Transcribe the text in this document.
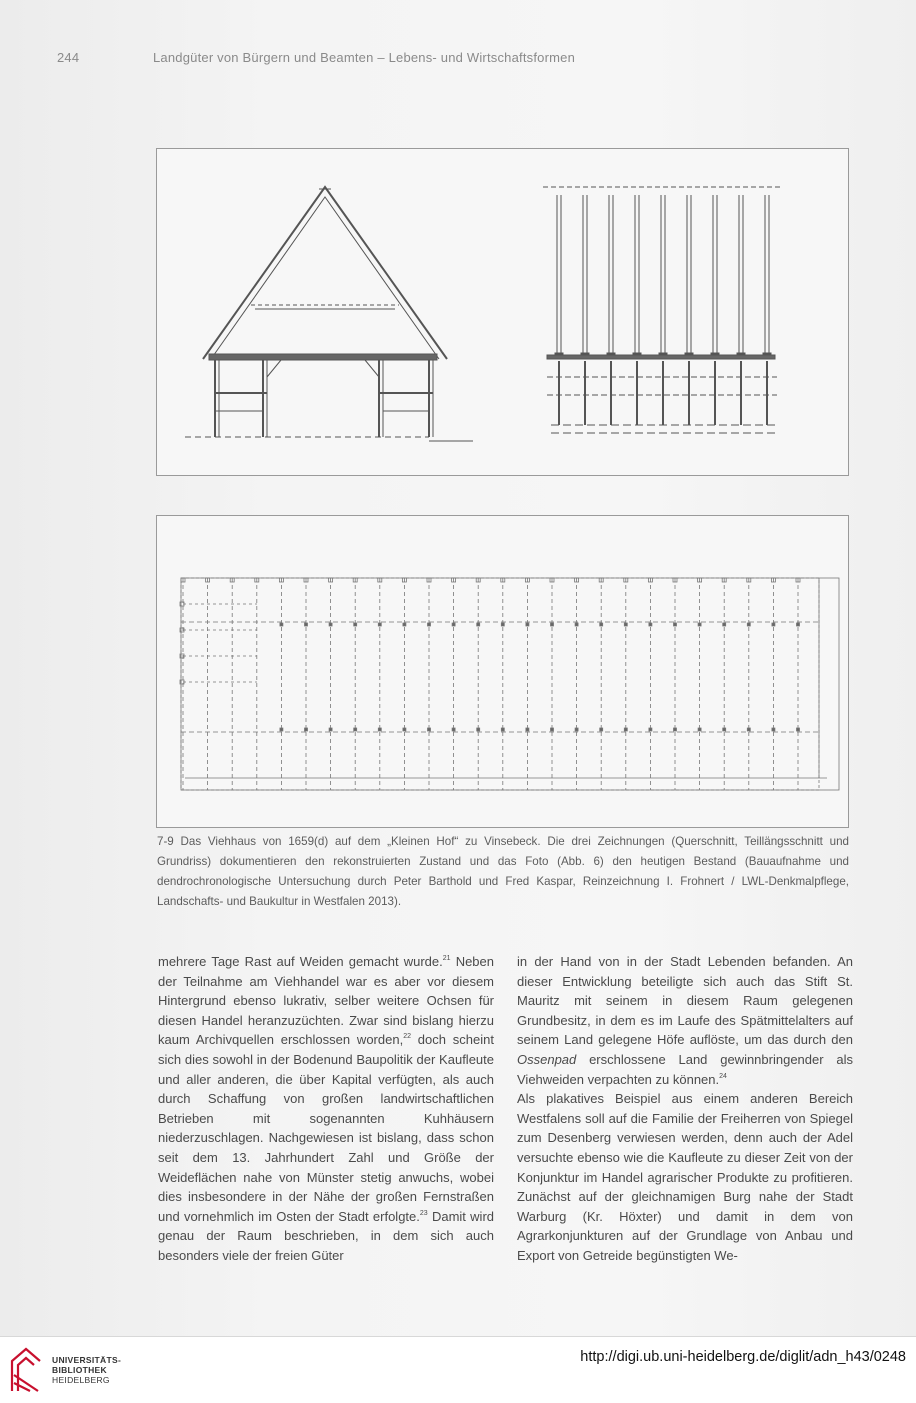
244	Landgüter von Bürgern und Beamten – Lebens- und Wirtschaftsformen
7-9 Das Viehhaus von 1659(d) auf dem „Kleinen Hof“ zu Vinsebeck. Die drei Zeichnungen (Querschnitt, Teillängsschnitt und Grundriss) dokumentieren den rekonstruierten Zustand und das Foto (Abb. 6) den heutigen Bestand (Bauaufnahme und dendrochronologische Untersuchung durch Peter Barthold und Fred Kaspar, Reinzeichnung I. Frohnert / LWL-Denkmalpflege, Landschafts- und Baukultur in Westfalen 2013).

mehrere Tage Rast auf Weiden gemacht wurde.$^{21}$ Neben der Teilnahme am Viehhandel war es aber vor diesem Hintergrund ebenso lukrativ, selber weitere Ochsen für diesen Handel heranzuzüchten. Zwar sind bislang hierzu kaum Archivquellen erschlossen worden,$^{22}$ doch scheint sich dies sowohl in der Bodenund Baupolitik der Kaufleute und aller anderen, die über Kapital verfügten, als auch durch Schaffung von großen landwirtschaftlichen Betrieben mit sogenannten Kuhhäusern niederzuschlagen. Nachgewiesen ist bislang, dass schon seit dem 13. Jahrhundert Zahl und Größe der Weideflächen nahe von Münster stetig anwuchs, wobei dies insbesondere in der Nähe der großen Fernstraßen und vornehmlich im Osten der Stadt erfolgte.$^{23}$ Damit wird genau der Raum beschrieben, in dem sich auch besonders viele der freien Güter

in der Hand von in der Stadt Lebenden befanden. An dieser Entwicklung beteiligte sich auch das Stift St. Mauritz mit seinem in diesem Raum gelegenen Grundbesitz, in dem es im Laufe des Spätmittelalters auf seinem Land gelegene Höfe auflöste, um das durch den Ossenpad erschlossene Land gewinnbringender als Viehweiden verpachten zu können.$^{24}$

Als plakatives Beispiel aus einem anderen Bereich Westfalens soll auf die Familie der Freiherren von Spiegel zum Desenberg verwiesen werden, denn auch der Adel versuchte ebenso wie die Kaufleute zu dieser Zeit von der Konjunktur im Handel agrarischer Produkte zu profitieren. Zunächst auf der gleichnamigen Burg nahe der Stadt Warburg (Kr. Höxter) und damit in dem von Agrarkonjunkturen auf der Grundlage von Anbau und Export von Getreide begünstigten We-

UNIVERSITÄTS-
BIBLIOTHEK
HEIDELBERG
http://digi.ub.uni-heidelberg.de/diglit/adn_h43/0248
